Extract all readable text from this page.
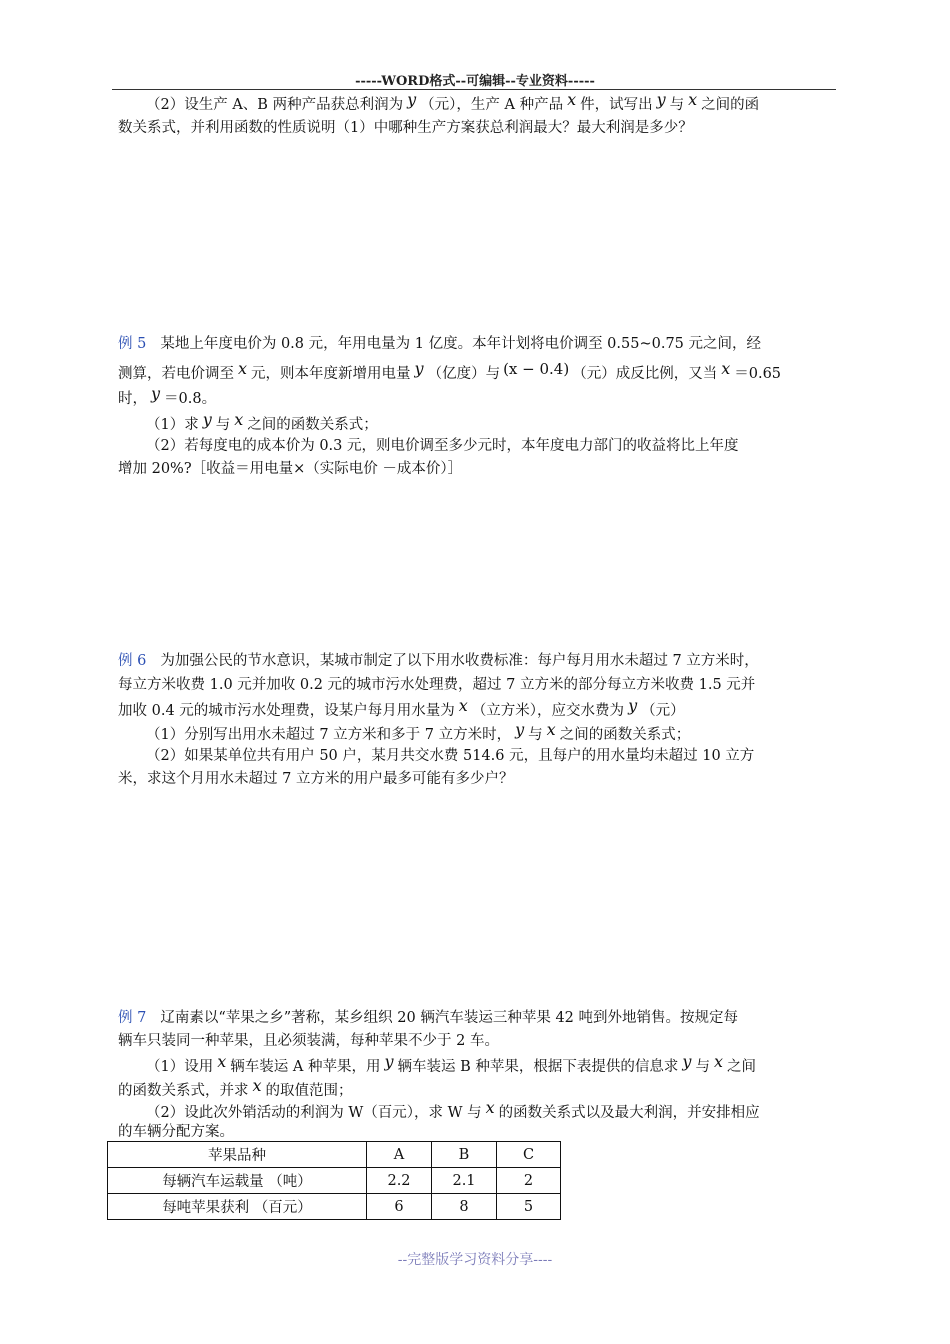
-----WORD格式--可编辑--专业资料-----
（2）设生产 A、B 两种产品获总利润为 y （元），生产 A 种产品 x 件，试写出 y 与 x 之间的函
数关系式，并利用函数的性质说明（1）中哪种生产方案获总利润最大？最大利润是多少？
例 5 某地上年度电价为 0.8 元，年用电量为 1 亿度。本年计划将电价调至 0.55~0.75 元之间，经
测算，若电价调至 x 元，则本年度新增用电量 y （亿度）与 (x − 0.4) （元）成反比例，又当 x ＝0.65
时， y ＝0.8。
（1）求 y 与 x 之间的函数关系式；
（2）若每度电的成本价为 0.3 元，则电价调至多少元时，本年度电力部门的收益将比上年度
增加 20%?［收益＝用电量×（实际电价 －成本价）］
例 6 为加强公民的节水意识，某城市制定了以下用水收费标准：每户每月用水未超过 7 立方米时，
每立方米收费 1.0 元并加收 0.2 元的城市污水处理费，超过 7 立方米的部分每立方米收费 1.5 元并
加收 0.4 元的城市污水处理费，设某户每月用水量为 x （立方米），应交水费为 y （元）
（1）分别写出用水未超过 7 立方米和多于 7 立方米时， y 与 x 之间的函数关系式；
（2）如果某单位共有用户 50 户，某月共交水费 514.6 元，且每户的用水量均未超过 10 立方
米，求这个月用水未超过 7 立方米的用户最多可能有多少户？
例 7 辽南素以“苹果之乡”著称，某乡组织 20 辆汽车装运三种苹果 42 吨到外地销售。按规定每
辆车只装同一种苹果，且必须装满，每种苹果不少于 2 车。
（1）设用 x 辆车装运 A 种苹果，用 y 辆车装运 B 种苹果，根据下表提供的信息求 y 与 x 之间
的函数关系式，并求 x 的取值范围；
（2）设此次外销活动的利润为 W（百元），求 W 与 x 的函数关系式以及最大利润，并安排相应
的车辆分配方案。
苹果品种	A	B	C
每辆汽车运载量 （吨）	2.2	2.1	2
每吨苹果获利 （百元）	6	8	5
--完整版学习资料分享----
